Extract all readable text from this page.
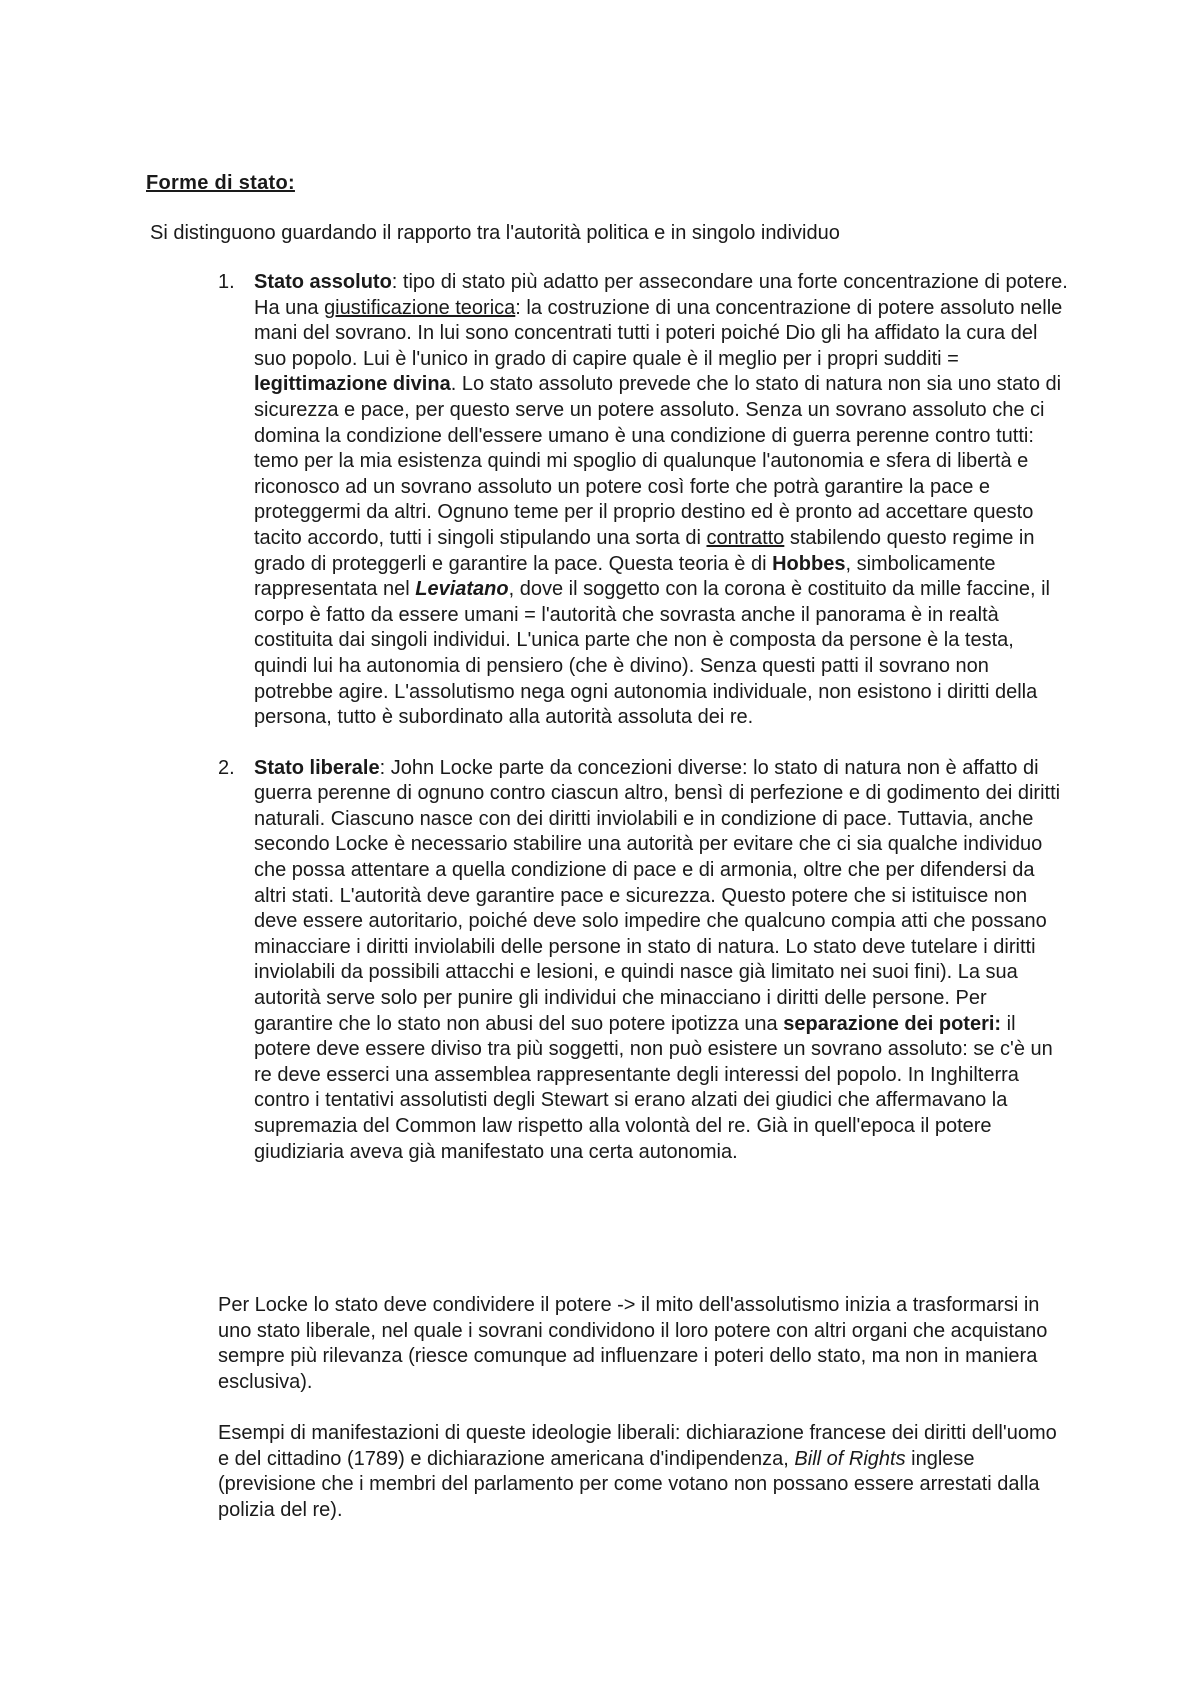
Forme di stato:

Si distinguono guardando il rapporto tra l'autorità politica e in singolo individuo

1. Stato assoluto: tipo di stato più adatto per assecondare una forte concentrazione di potere. Ha una giustificazione teorica: la costruzione di una concentrazione di potere assoluto nelle mani del sovrano. In lui sono concentrati tutti i poteri poiché Dio gli ha affidato la cura del suo popolo. Lui è l'unico in grado di capire quale è il meglio per i propri sudditi = legittimazione divina. Lo stato assoluto prevede che lo stato di natura non sia uno stato di sicurezza e pace, per questo serve un potere assoluto. Senza un sovrano assoluto che ci domina la condizione dell'essere umano è una condizione di guerra perenne contro tutti: temo per la mia esistenza quindi mi spoglio di qualunque l'autonomia e sfera di libertà e riconosco ad un sovrano assoluto un potere così forte che potrà garantire la pace e proteggermi da altri. Ognuno teme per il proprio destino ed è pronto ad accettare questo tacito accordo, tutti i singoli stipulando una sorta di contratto stabilendo questo regime in grado di proteggerli e garantire la pace. Questa teoria è di Hobbes, simbolicamente rappresentata nel Leviatano, dove il soggetto con la corona è costituito da mille faccine, il corpo è fatto da essere umani = l'autorità che sovrasta anche il panorama è in realtà costituita dai singoli individui. L'unica parte che non è composta da persone è la testa, quindi lui ha autonomia di pensiero (che è divino). Senza questi patti il sovrano non potrebbe agire. L'assolutismo nega ogni autonomia individuale, non esistono i diritti della persona, tutto è subordinato alla autorità assoluta dei re.

2. Stato liberale: John Locke parte da concezioni diverse: lo stato di natura non è affatto di guerra perenne di ognuno contro ciascun altro, bensì di perfezione e di godimento dei diritti naturali. Ciascuno nasce con dei diritti inviolabili e in condizione di pace. Tuttavia, anche secondo Locke è necessario stabilire una autorità per evitare che ci sia qualche individuo che possa attentare a quella condizione di pace e di armonia, oltre che per difendersi da altri stati. L'autorità deve garantire pace e sicurezza. Questo potere che si istituisce non deve essere autoritario, poiché deve solo impedire che qualcuno compia atti che possano minacciare i diritti inviolabili delle persone in stato di natura. Lo stato deve tutelare i diritti inviolabili da possibili attacchi e lesioni, e quindi nasce già limitato nei suoi fini). La sua autorità serve solo per punire gli individui che minacciano i diritti delle persone. Per garantire che lo stato non abusi del suo potere ipotizza una separazione dei poteri: il potere deve essere diviso tra più soggetti, non può esistere un sovrano assoluto: se c'è un re deve esserci una assemblea rappresentante degli interessi del popolo. In Inghilterra contro i tentativi assolutisti degli Stewart si erano alzati dei giudici che affermavano la supremazia del Common law rispetto alla volontà del re. Già in quell'epoca il potere giudiziaria aveva già manifestato una certa autonomia.

Per Locke lo stato deve condividere il potere -> il mito dell'assolutismo inizia a trasformarsi in uno stato liberale, nel quale i sovrani condividono il loro potere con altri organi che acquistano sempre più rilevanza (riesce comunque ad influenzare i poteri dello stato, ma non in maniera esclusiva).

Esempi di manifestazioni di queste ideologie liberali: dichiarazione francese dei diritti dell'uomo e del cittadino (1789) e dichiarazione americana d'indipendenza, Bill of Rights inglese (previsione che i membri del parlamento per come votano non possano essere arrestati dalla polizia del re).
